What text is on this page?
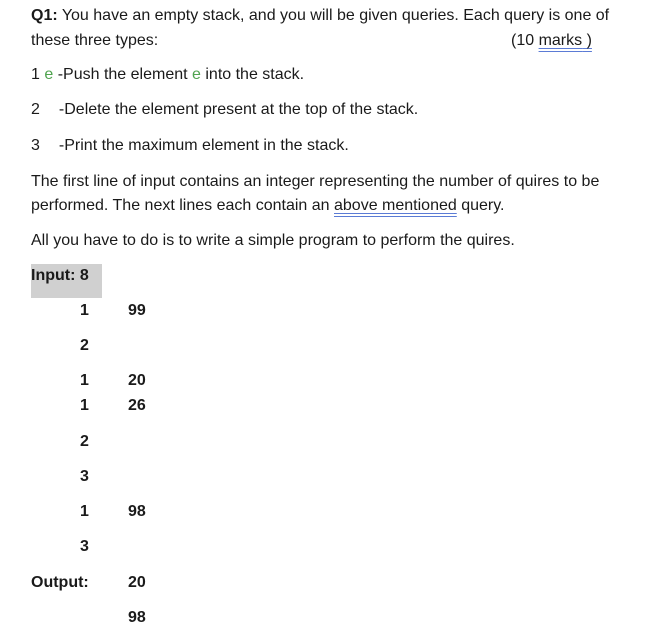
Q1: You have an empty stack, and you will be given queries. Each query is one of
these three types:	(10 marks )
1 e -Push the element e into the stack.
2 -Delete the element present at the top of the stack.
3 -Print the maximum element in the stack.
The first line of input contains an integer representing the number of quires to be
performed. The next lines each contain an above mentioned query.
All you have to do is to write a simple program to perform the quires.
Input: 8
1 99
2
1 20
1 26
2
3
1 98
3
Output: 20
98
